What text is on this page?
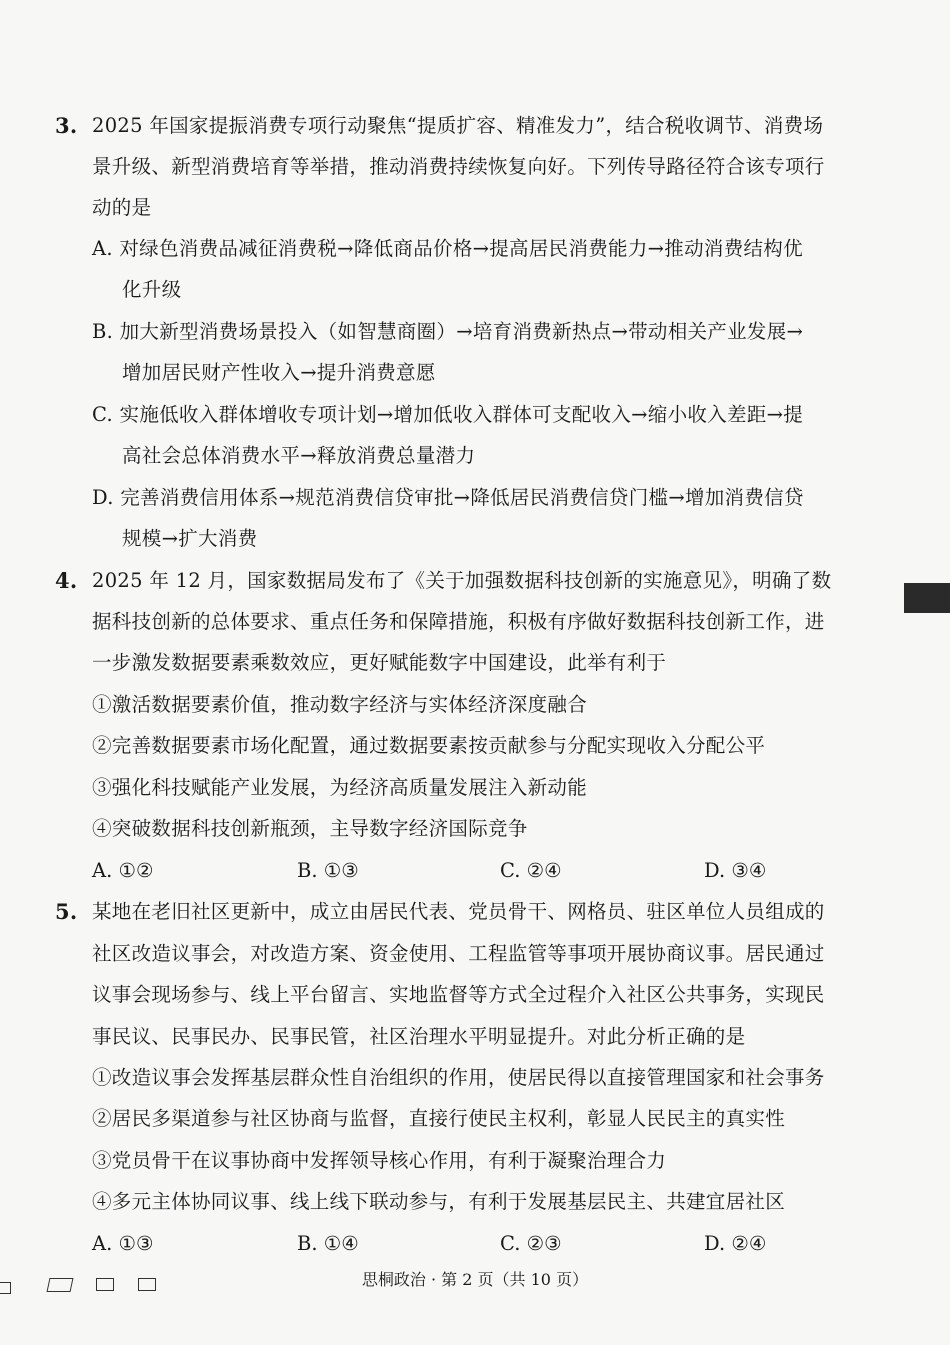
3. 2025 年国家提振消费专项行动聚焦“提质扩容、精准发力”，结合税收调节、消费场
景升级、新型消费培育等举措，推动消费持续恢复向好。下列传导路径符合该专项行
动的是
A. 对绿色消费品减征消费税→降低商品价格→提高居民消费能力→推动消费结构优
化升级
B. 加大新型消费场景投入（如智慧商圈）→培育消费新热点→带动相关产业发展→
增加居民财产性收入→提升消费意愿
C. 实施低收入群体增收专项计划→增加低收入群体可支配收入→缩小收入差距→提
高社会总体消费水平→释放消费总量潜力
D. 完善消费信用体系→规范消费信贷审批→降低居民消费信贷门槛→增加消费信贷
规模→扩大消费
4. 2025 年 12 月，国家数据局发布了《关于加强数据科技创新的实施意见》，明确了数
据科技创新的总体要求、重点任务和保障措施，积极有序做好数据科技创新工作，进
一步激发数据要素乘数效应，更好赋能数字中国建设，此举有利于
①激活数据要素价值，推动数字经济与实体经济深度融合
②完善数据要素市场化配置，通过数据要素按贡献参与分配实现收入分配公平
③强化科技赋能产业发展，为经济高质量发展注入新动能
④突破数据科技创新瓶颈，主导数字经济国际竞争
A. ①②	B. ①③	C. ②④	D. ③④
5. 某地在老旧社区更新中，成立由居民代表、党员骨干、网格员、驻区单位人员组成的
社区改造议事会，对改造方案、资金使用、工程监管等事项开展协商议事。居民通过
议事会现场参与、线上平台留言、实地监督等方式全过程介入社区公共事务，实现民
事民议、民事民办、民事民管，社区治理水平明显提升。对此分析正确的是
①改造议事会发挥基层群众性自治组织的作用，使居民得以直接管理国家和社会事务
②居民多渠道参与社区协商与监督，直接行使民主权利，彰显人民民主的真实性
③党员骨干在议事协商中发挥领导核心作用，有利于凝聚治理合力
④多元主体协同议事、线上线下联动参与，有利于发展基层民主、共建宜居社区
A. ①③	B. ①④	C. ②③	D. ②④
思桐政治 · 第 2 页（共 10 页）
